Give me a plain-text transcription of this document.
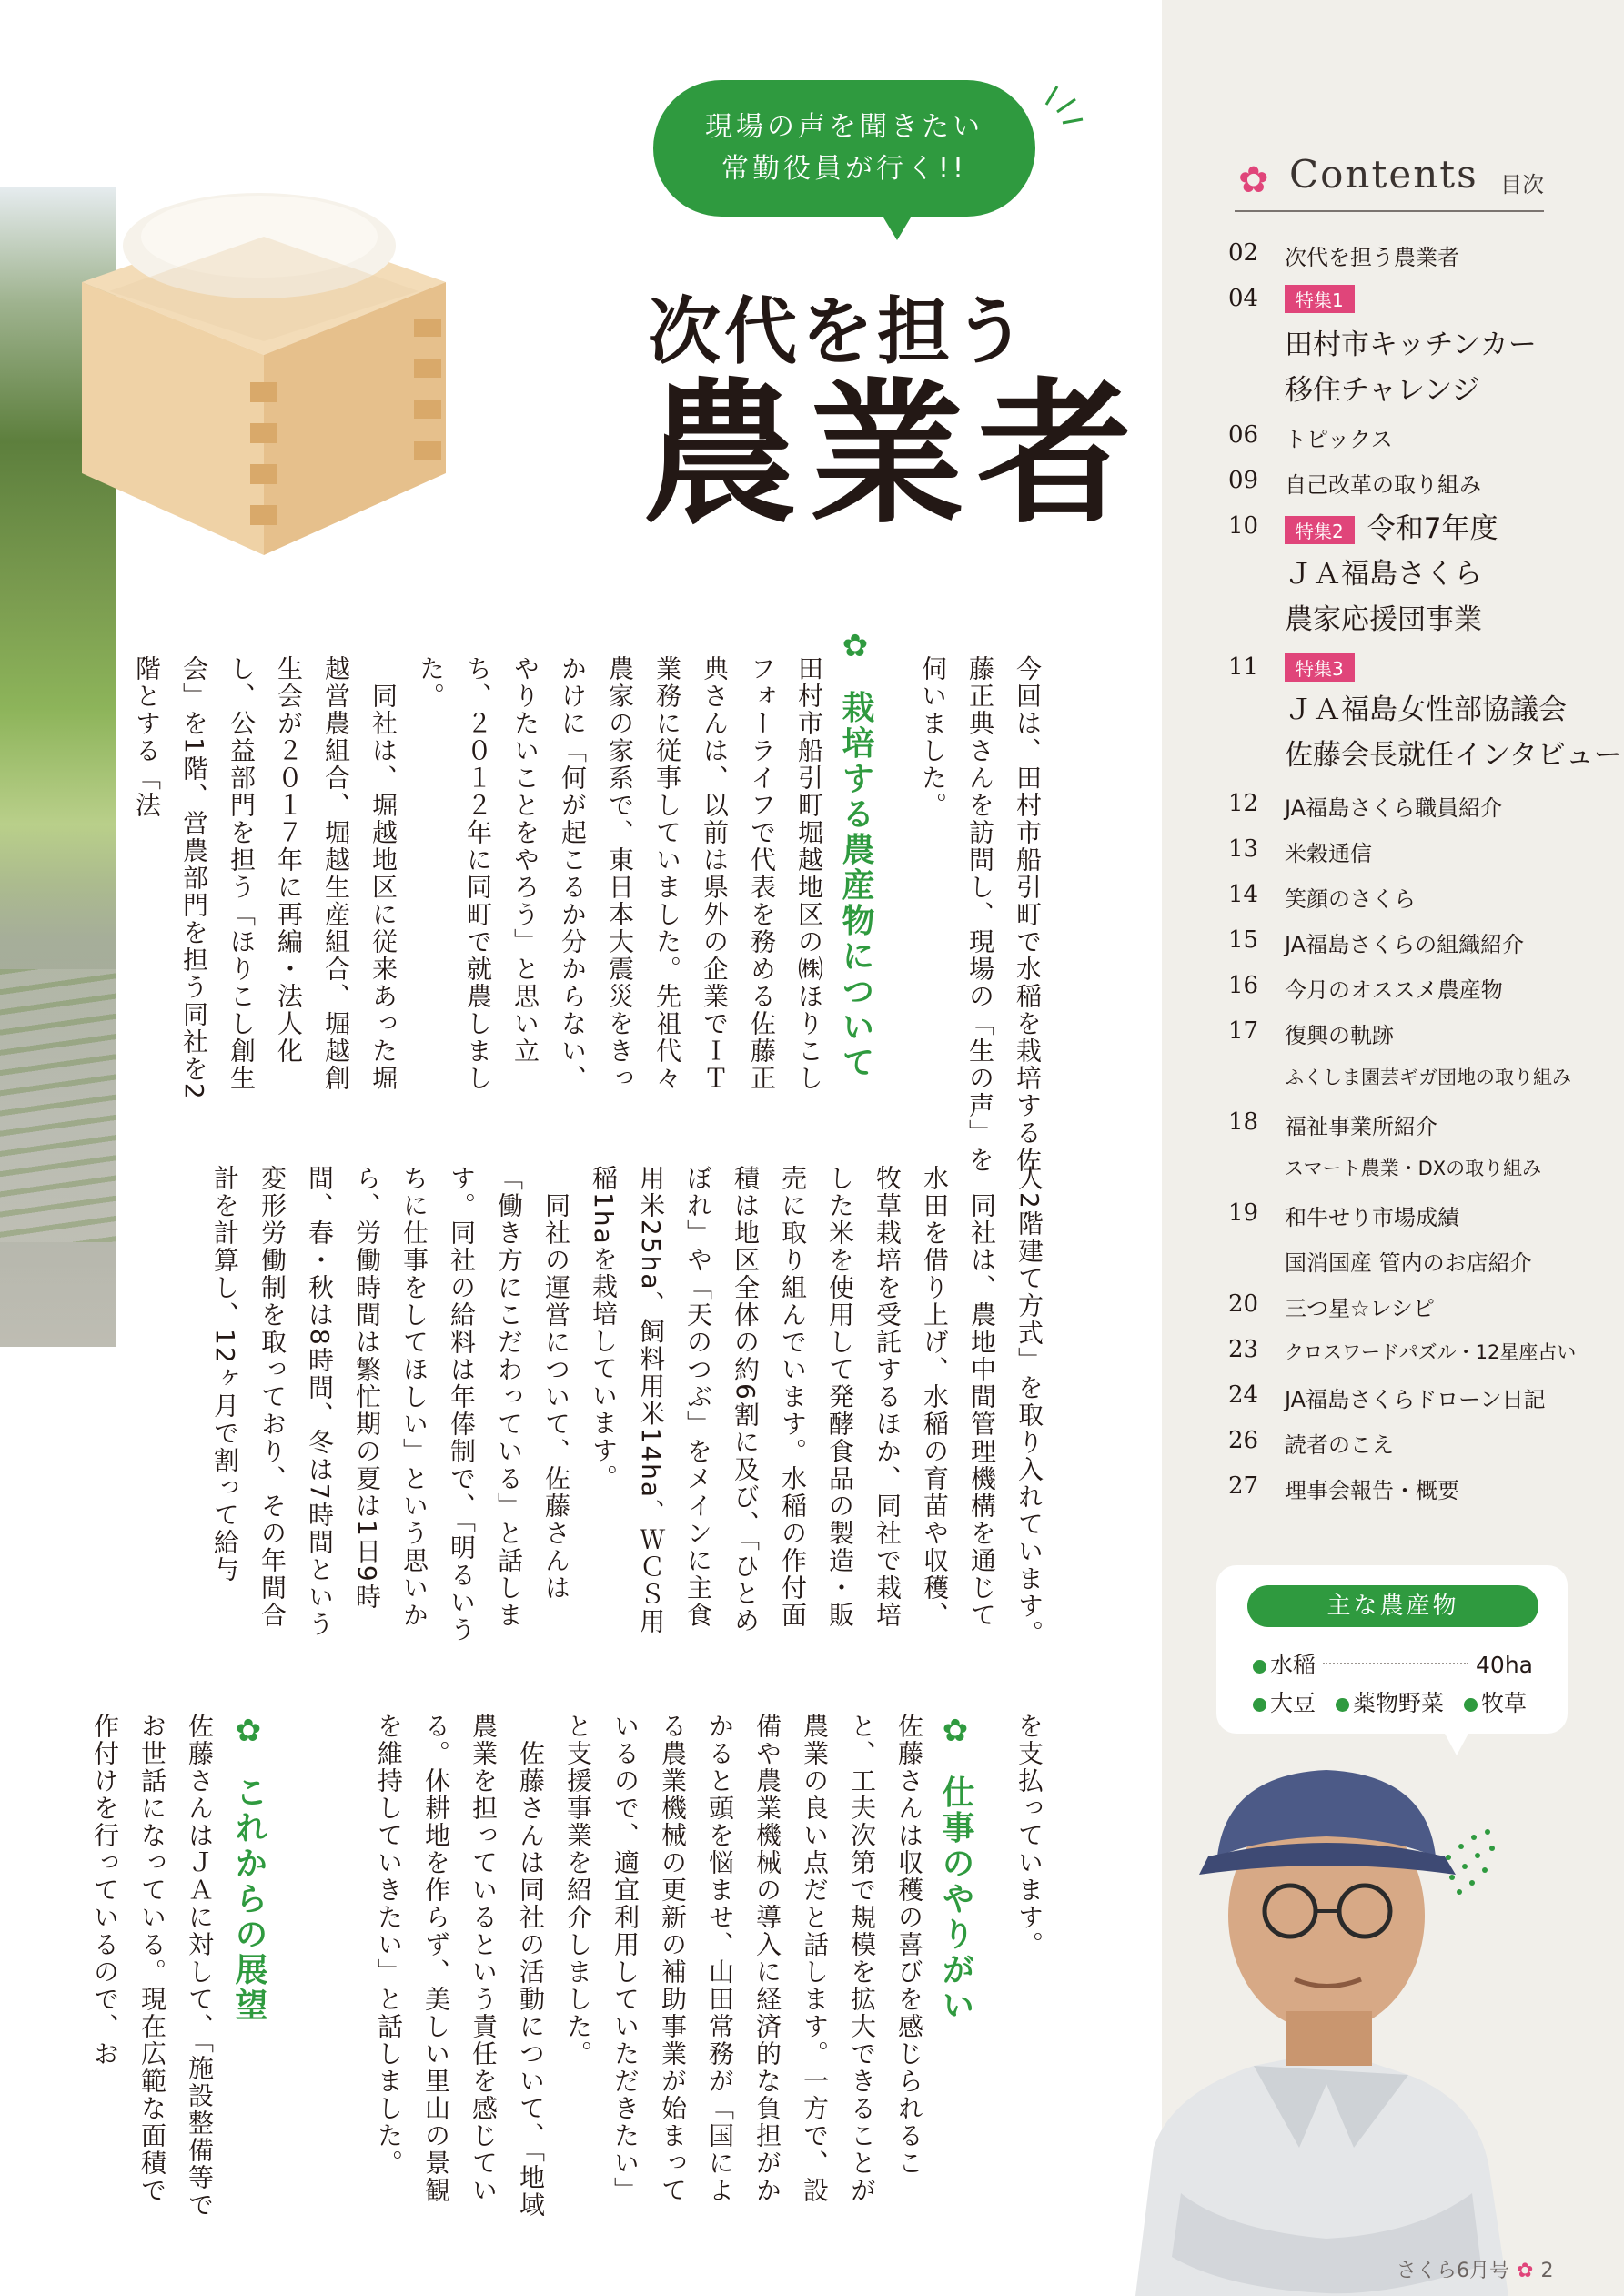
現場の声を聞きたい
常勤役員が行く!!
次代を担う
農業者
今回は、田村市船引町で水稲を栽培する佐藤正典さんを訪問し、現場の「生の声」を伺いました。
✿ 栽培する農産物について
田村市船引町堀越地区の㈱ほりこしフォーライフで代表を務める佐藤正典さんは、以前は県外の企業でＩＴ業務に従事していました。先祖代々農家の家系で、東日本大震災をきっかけに「何が起こるか分からない、やりたいことをやろう」と思い立ち、２０１２年に同町で就農しました。
　同社は、堀越地区に従来あった堀越営農組合、堀越生産組合、堀越創生会が２０１７年に再編・法人化し、公益部門を担う「ほりこし創生会」を1階、営農部門を担う同社を2階とする「法
人2階建て方式」を取り入れています。
　同社は、農地中間管理機構を通じて水田を借り上げ、水稲の育苗や収穫、牧草栽培を受託するほか、同社で栽培した米を使用して発酵食品の製造・販売に取り組んでいます。水稲の作付面積は地区全体の約6割に及び、「ひとめぼれ」や「天のつぶ」をメインに主食用米25ha、飼料用米14ha、ＷＣＳ用稲1haを栽培しています。
　同社の運営について、佐藤さんは「働き方にこだわっている」と話します。同社の給料は年俸制で、「明るいうちに仕事をしてほしい」という思いから、労働時間は繁忙期の夏は1日9時間、春・秋は8時間、冬は7時間という変形労働制を取っており、その年間合計を計算し、12ヶ月で割って給与
を支払っています。
✿ 仕事のやりがい
佐藤さんは収穫の喜びを感じられること、工夫次第で規模を拡大できることが農業の良い点だと話します。一方で、設備や農業機械の導入に経済的な負担がかかると頭を悩ませ、山田常務が「国による農業機械の更新の補助事業が始まっているので、適宜利用していただきたい」と支援事業を紹介しました。
　佐藤さんは同社の活動について、「地域農業を担っているという責任を感じている。休耕地を作らず、美しい里山の景観を維持していきたい」と話しました。
✿ これからの展望
佐藤さんはＪＡに対して、「施設整備等でお世話になっている。現在広範な面積で作付けを行っているので、お
✿ Contents 目次
02	次代を担う農業者
04	特集1
田村市キッチンカー
移住チャレンジ
06	トピックス
09	自己改革の取り組み
10	特集2 令和7年度
ＪＡ福島さくら
農家応援団事業
11	特集3
ＪＡ福島女性部協議会
佐藤会長就任インタビュー
12	JA福島さくら職員紹介
13	米穀通信
14	笑顔のさくら
15	JA福島さくらの組織紹介
16	今月のオススメ農産物
17	復興の軌跡
ふくしま園芸ギガ団地の取り組み
18	福祉事業所紹介
スマート農業・DXの取り組み
19	和牛せり市場成績
国消国産 管内のお店紹介
20	三つ星☆レシピ
23	クロスワードパズル・12星座占い
24	JA福島さくらドローン日記
26	読者のこえ
27	理事会報告・概要
主な農産物
水稲	40ha
大豆 薬物野菜 牧草
さくら6月号 ✿ 2
